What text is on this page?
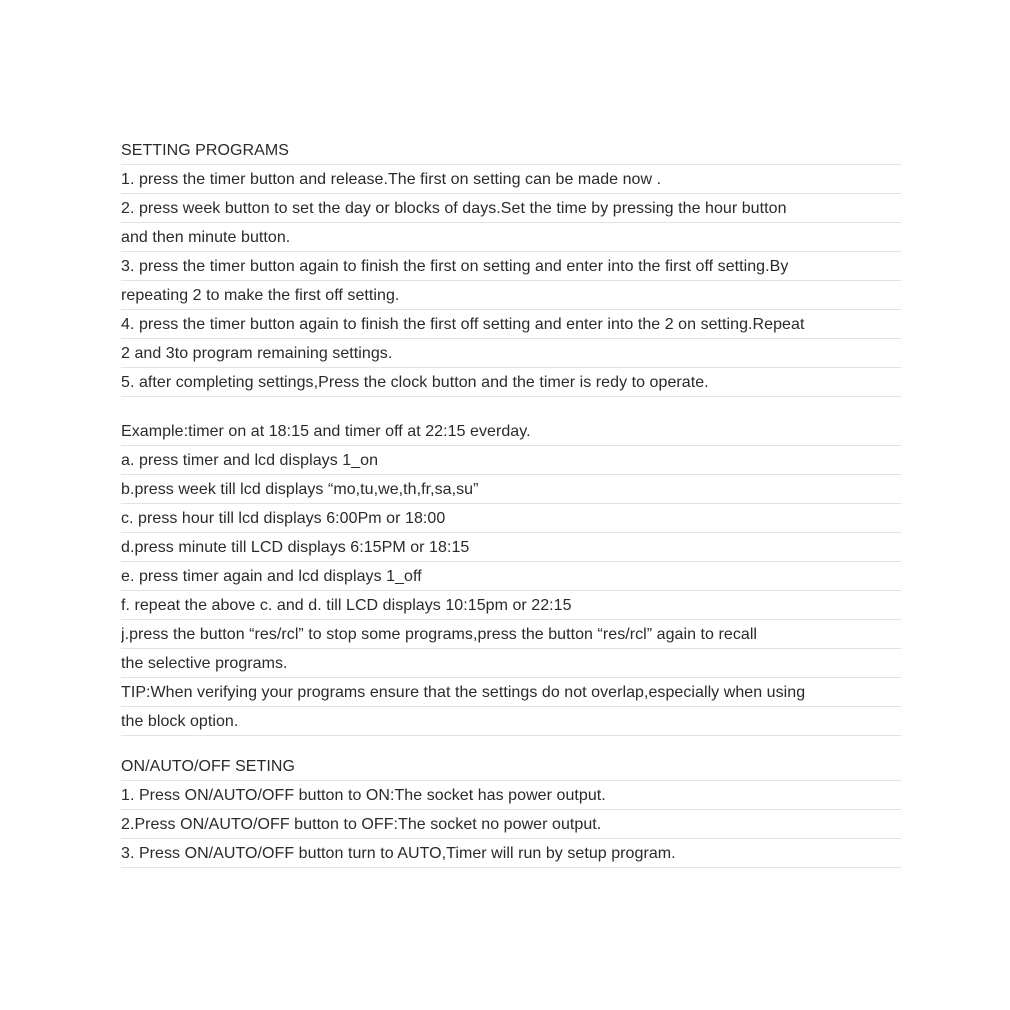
SETTING PROGRAMS
1. press the timer button and release.The first on setting can be made now .
2. press week button to set the day or blocks of days.Set the time by pressing the hour button
and then minute button.
3. press the timer button again to finish the first on setting and enter into the first off setting.By
repeating 2 to make the first off setting.
4. press the timer button again to finish the first off setting and enter into the 2 on setting.Repeat
2 and 3to program remaining settings.
5. after completing settings,Press the clock button and the timer is redy to operate.
Example:timer on at 18:15 and timer off at 22:15 everday.
a. press timer and lcd displays 1_on
b.press week till lcd displays “mo,tu,we,th,fr,sa,su”
c. press hour till lcd displays 6:00Pm or 18:00
d.press minute till LCD displays 6:15PM or 18:15
e. press timer again and lcd displays 1_off
f. repeat the above c. and d. till LCD displays 10:15pm or 22:15
j.press the button “res/rcl” to stop some programs,press the button “res/rcl” again to recall
the selective programs.
TIP:When verifying your programs ensure that the settings do not overlap,especially when using
the block option.
ON/AUTO/OFF SETING
1. Press ON/AUTO/OFF button to ON:The socket has power output.
2.Press ON/AUTO/OFF button to OFF:The socket no power output.
3. Press ON/AUTO/OFF button turn to AUTO,Timer will run by setup program.
